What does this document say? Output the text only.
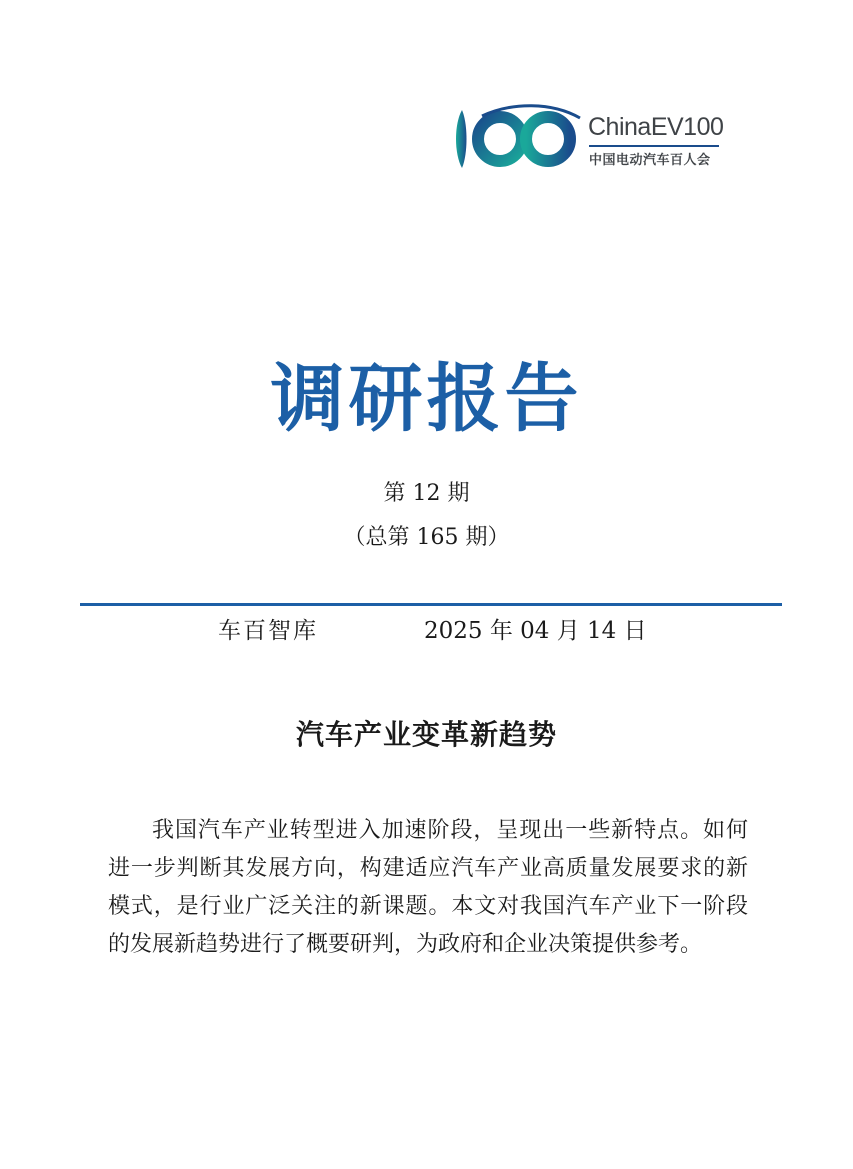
ChinaEV100
中国电动汽车百人会
调研报告
第 12 期
（总第 165 期）
车百智库	2025 年 04 月 14 日
汽车产业变革新趋势
我国汽车产业转型进入加速阶段，呈现出一些新特点。如何
进一步判断其发展方向，构建适应汽车产业高质量发展要求的新
模式，是行业广泛关注的新课题。本文对我国汽车产业下一阶段
的发展新趋势进行了概要研判，为政府和企业决策提供参考。
